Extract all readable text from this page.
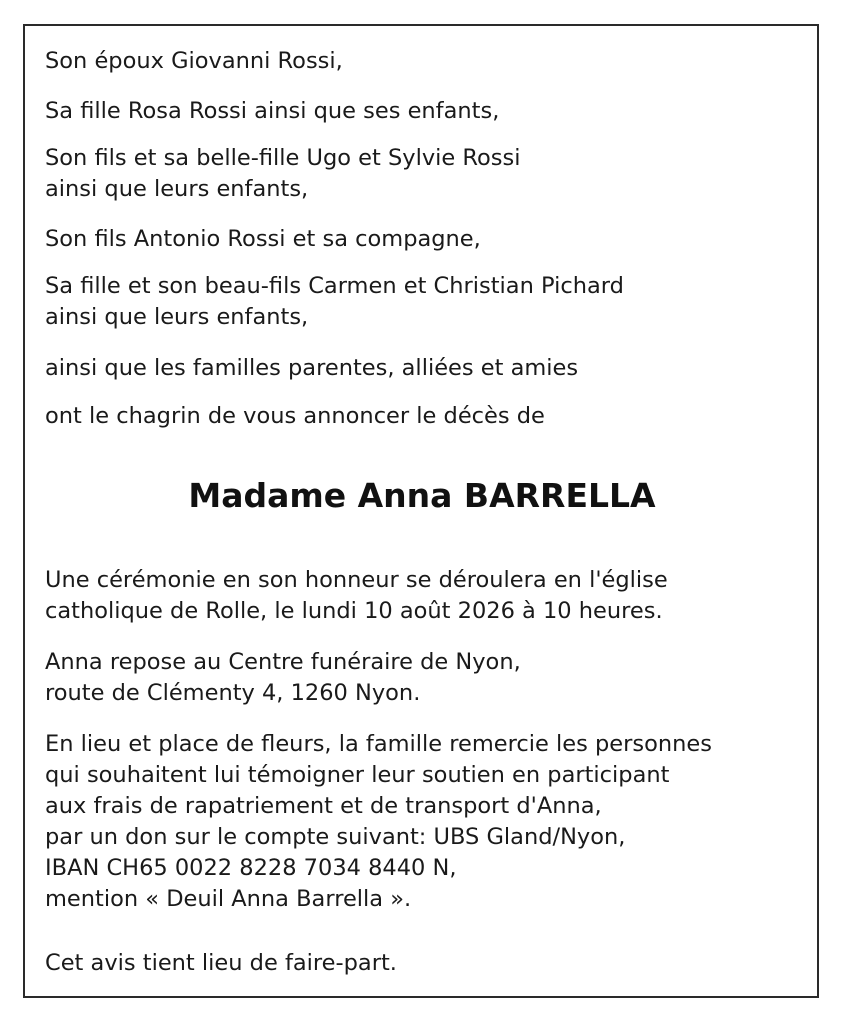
Son époux Giovanni Rossi,

Sa fille Rosa Rossi ainsi que ses enfants,

Son fils et sa belle-fille Ugo et Sylvie Rossi
ainsi que leurs enfants,

Son fils Antonio Rossi et sa compagne,

Sa fille et son beau-fils Carmen et Christian Pichard
ainsi que leurs enfants,

ainsi que les familles parentes, alliées et amies

ont le chagrin de vous annoncer le décès de

Madame Anna BARRELLA

Une cérémonie en son honneur se déroulera en l'église
catholique de Rolle, le lundi 10 août 2026 à 10 heures.

Anna repose au Centre funéraire de Nyon,
route de Clémenty 4, 1260 Nyon.

En lieu et place de fleurs, la famille remercie les personnes
qui souhaitent lui témoigner leur soutien en participant
aux frais de rapatriement et de transport d'Anna,
par un don sur le compte suivant: UBS Gland/Nyon,
IBAN CH65 0022 8228 7034 8440 N,
mention « Deuil Anna Barrella ».

Cet avis tient lieu de faire-part.
